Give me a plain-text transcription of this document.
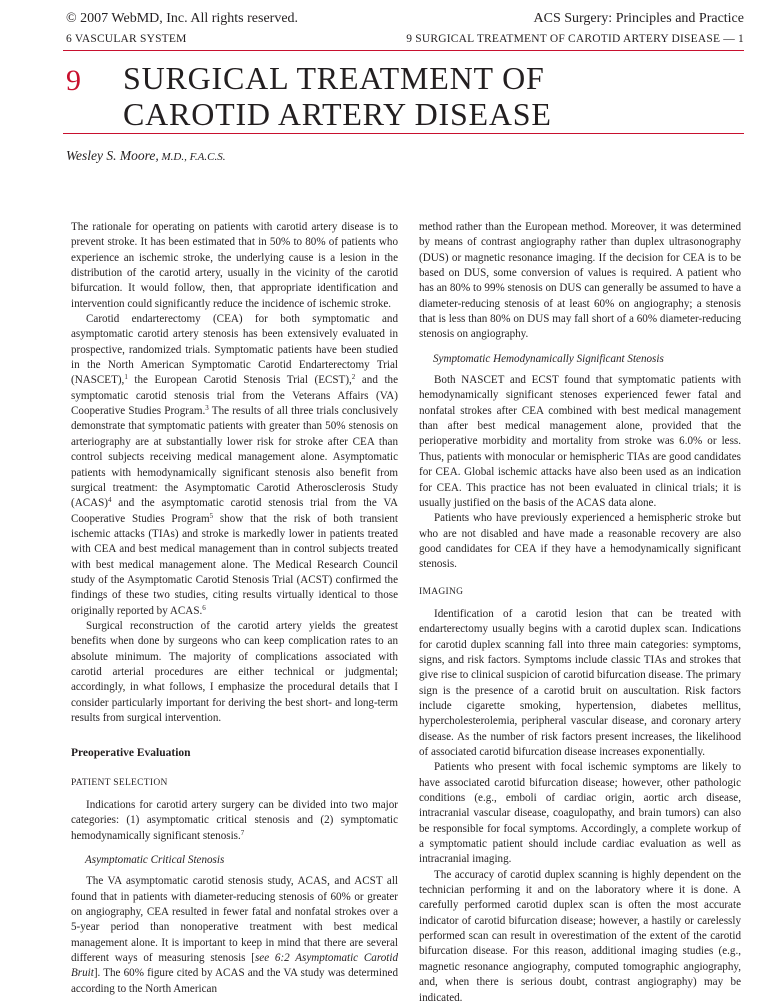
© 2007 WebMD, Inc. All rights reserved.
6 VASCULAR SYSTEM
ACS Surgery: Principles and Practice
9 SURGICAL TREATMENT OF CAROTID ARTERY DISEASE — 1
9 SURGICAL TREATMENT OF
CAROTID ARTERY DISEASE
Wesley S. Moore, M.D., F.A.C.S.

The rationale for operating on patients with carotid artery disease is to prevent stroke. It has been estimated that in 50% to 80% of patients who experience an ischemic stroke, the underlying cause is a lesion in the distribution of the carotid artery, usually in the vicinity of the carotid bifurcation. It would follow, then, that appropriate identification and intervention could significantly reduce the incidence of ischemic stroke.

Carotid endarterectomy (CEA) for both symptomatic and asymptomatic carotid artery stenosis has been extensively evaluated in prospective, randomized trials. Symptomatic patients have been studied in the North American Symptomatic Carotid Endarterectomy Trial (NASCET),$^1$ the European Carotid Stenosis Trial (ECST),$^2$ and the symptomatic carotid stenosis trial from the Veterans Affairs (VA) Cooperative Studies Program.$^3$ The results of all three trials conclusively demonstrate that symptomatic patients with greater than 50% stenosis on arteriography are at substantially lower risk for stroke after CEA than control subjects receiving medical management alone. Asymptomatic patients with hemodynamically significant stenosis also benefit from surgical treatment: the Asymptomatic Carotid Atherosclerosis Study (ACAS)$^4$ and the asymptomatic carotid stenosis trial from the VA Cooperative Studies Program$^5$ show that the risk of both transient ischemic attacks (TIAs) and stroke is markedly lower in patients treated with CEA and best medical management than in control subjects treated with best medical management alone. The Medical Research Council study of the Asymptomatic Carotid Stenosis Trial (ACST) confirmed the findings of these two studies, citing results virtually identical to those originally reported by ACAS.$^6$

Surgical reconstruction of the carotid artery yields the greatest benefits when done by surgeons who can keep complication rates to an absolute minimum. The majority of complications associated with carotid arterial procedures are either technical or judgmental; accordingly, in what follows, I emphasize the procedural details that I consider particularly important for deriving the best short- and long-term results from surgical intervention.

Preoperative Evaluation
PATIENT SELECTION

Indications for carotid artery surgery can be divided into two major categories: (1) asymptomatic critical stenosis and (2) symptomatic hemodynamically significant stenosis.$^7$

Asymptomatic Critical Stenosis

The VA asymptomatic carotid stenosis study, ACAS, and ACST all found that in patients with diameter-reducing stenosis of 60% or greater on angiography, CEA resulted in fewer fatal and nonfatal strokes over a 5-year period than nonoperative treatment with best medical management alone. It is important to keep in mind that there are several different ways of measuring stenosis [see 6:2 Asymptomatic Carotid Bruit]. The 60% figure cited by ACAS and the VA study was determined according to the North American

method rather than the European method. Moreover, it was determined by means of contrast angiography rather than duplex ultrasonography (DUS) or magnetic resonance imaging. If the decision for CEA is to be based on DUS, some conversion of values is required. A patient who has an 80% to 99% stenosis on DUS can generally be assumed to have a diameter-reducing stenosis of at least 60% on angiography; a stenosis that is less than 80% on DUS may fall short of a 60% diameter-reducing stenosis on angiography.

Symptomatic Hemodynamically Significant Stenosis

Both NASCET and ECST found that symptomatic patients with hemodynamically significant stenoses experienced fewer fatal and nonfatal strokes after CEA combined with best medical management than after best medical management alone, provided that the perioperative morbidity and mortality from stroke was 6.0% or less. Thus, patients with monocular or hemispheric TIAs are good candidates for CEA. Global ischemic attacks have also been used as an indication for CEA. This practice has not been evaluated in clinical trials; it is usually justified on the basis of the ACAS data alone.

Patients who have previously experienced a hemispheric stroke but who are not disabled and have made a reasonable recovery are also good candidates for CEA if they have a hemodynamically significant stenosis.

IMAGING

Identification of a carotid lesion that can be treated with endarterectomy usually begins with a carotid duplex scan. Indications for carotid duplex scanning fall into three main categories: symptoms, signs, and risk factors. Symptoms include classic TIAs and strokes that give rise to clinical suspicion of carotid bifurcation disease. The primary sign is the presence of a carotid bruit on auscultation. Risk factors include cigarette smoking, hypertension, diabetes mellitus, hypercholesterolemia, peripheral vascular disease, and coronary artery disease. As the number of risk factors present increases, the likelihood of associated carotid bifurcation disease increases exponentially.

Patients who present with focal ischemic symptoms are likely to have associated carotid bifurcation disease; however, other pathologic conditions (e.g., emboli of cardiac origin, aortic arch disease, intracranial vascular disease, coagulopathy, and brain tumors) can also be responsible for focal symptoms. Accordingly, a complete workup of a symptomatic patient should include cardiac evaluation as well as intracranial imaging.

The accuracy of carotid duplex scanning is highly dependent on the technician performing it and on the laboratory where it is done. A carefully performed carotid duplex scan is often the most accurate indicator of carotid bifurcation disease; however, a hastily or carelessly performed scan can result in overestimation of the extent of the carotid bifurcation disease. For this reason, additional imaging studies (e.g., magnetic resonance angiography, computed tomographic angiography, and, when there is serious doubt, contrast angiography) may be indicated.
